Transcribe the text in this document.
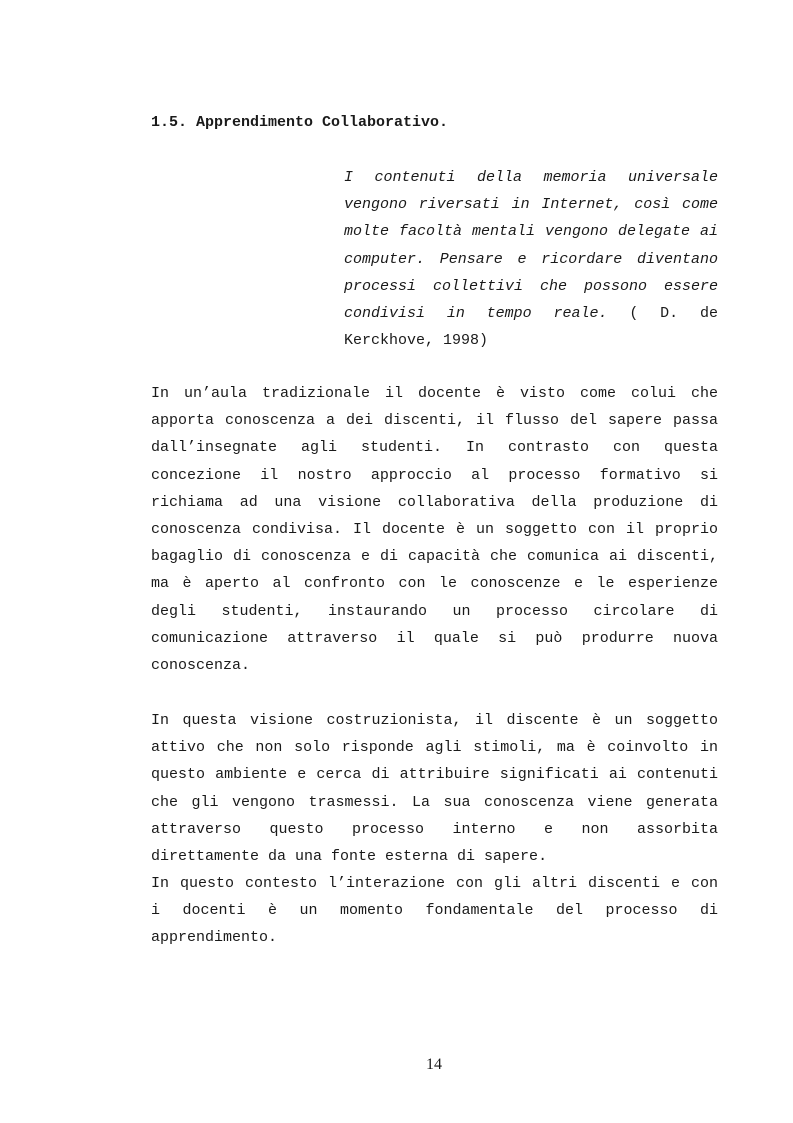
1.5. Apprendimento Collaborativo.

I contenuti della memoria universale vengono riversati in Internet, così come molte facoltà mentali vengono delegate ai computer. Pensare e ricordare diventano processi collettivi che possono essere condivisi in tempo reale. ( D. de Kerckhove, 1998)

In un’aula tradizionale il docente è visto come colui che apporta conoscenza a dei discenti, il flusso del sapere passa dall’insegnate agli studenti. In contrasto con questa concezione il nostro approccio al processo formativo si richiama ad una visione collaborativa della produzione di conoscenza condivisa. Il docente è un soggetto con il proprio bagaglio di conoscenza e di capacità che comunica ai discenti, ma è aperto al confronto con le conoscenze e le esperienze degli studenti, instaurando un processo circolare di comunicazione attraverso il quale si può produrre nuova conoscenza.

In questa visione costruzionista, il discente è un soggetto attivo che non solo risponde agli stimoli, ma è coinvolto in questo ambiente e cerca di attribuire significati ai contenuti che gli vengono trasmessi. La sua conoscenza viene generata attraverso questo processo interno e non assorbita direttamente da una fonte esterna di sapere.

In questo contesto l’interazione con gli altri discenti e con i docenti è un momento fondamentale del processo di apprendimento.

14
